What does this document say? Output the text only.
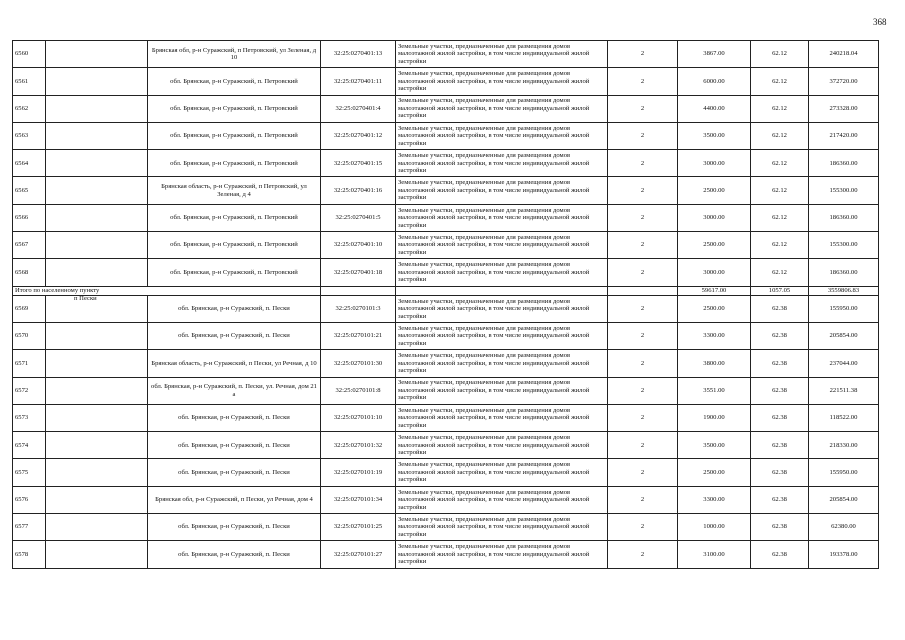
368
6560		Брянская обл, р-н Суражский, п Петровский, ул Зеленая, д 10	32:25:0270401:13	Земельные участки, предназначенные для размещения домов малоэтажной жилой застройки, в том числе индивидуальной жилой застройки	2	3867.00	62.12	240218.04
6561		обл. Брянская, р-н Суражский, п. Петровский	32:25:0270401:11	Земельные участки, предназначенные для размещения домов малоэтажной жилой застройки, в том числе индивидуальной жилой застройки	2	6000.00	62.12	372720.00
6562		обл. Брянская, р-н Суражский, п. Петровский	32:25:0270401:4	Земельные участки, предназначенные для размещения домов малоэтажной жилой застройки, в том числе индивидуальной жилой застройки	2	4400.00	62.12	273328.00
6563		обл. Брянская, р-н Суражский, п. Петровский	32:25:0270401:12	Земельные участки, предназначенные для размещения домов малоэтажной жилой застройки, в том числе индивидуальной жилой застройки	2	3500.00	62.12	217420.00
6564		обл. Брянская, р-н Суражский, п. Петровский	32:25:0270401:15	Земельные участки, предназначенные для размещения домов малоэтажной жилой застройки, в том числе индивидуальной жилой застройки	2	3000.00	62.12	186360.00
6565		Брянская область, р-н Суражский, п Петровский, ул Зеленая, д 4	32:25:0270401:16	Земельные участки, предназначенные для размещения домов малоэтажной жилой застройки, в том числе индивидуальной жилой застройки	2	2500.00	62.12	155300.00
6566		обл. Брянская, р-н Суражский, п. Петровский	32:25:0270401:5	Земельные участки, предназначенные для размещения домов малоэтажной жилой застройки, в том числе индивидуальной жилой застройки	2	3000.00	62.12	186360.00
6567		обл. Брянская, р-н Суражский, п. Петровский	32:25:0270401:10	Земельные участки, предназначенные для размещения домов малоэтажной жилой застройки, в том числе индивидуальной жилой застройки	2	2500.00	62.12	155300.00
6568		обл. Брянская, р-н Суражский, п. Петровский	32:25:0270401:18	Земельные участки, предназначенные для размещения домов малоэтажной жилой застройки, в том числе индивидуальной жилой застройки	2	3000.00	62.12	186360.00
Итого по населенному пункту						59617.00	1057.05	3559806.83
6569	п Пески	обл. Брянская, р-н Суражский, п. Пески	32:25:0270101:3	Земельные участки, предназначенные для размещения домов малоэтажной жилой застройки, в том числе индивидуальной жилой застройки	2	2500.00	62.38	155950.00
6570		обл. Брянская, р-н Суражский, п. Пески	32:25:0270101:21	Земельные участки, предназначенные для размещения домов малоэтажной жилой застройки, в том числе индивидуальной жилой застройки	2	3300.00	62.38	205854.00
6571		Брянская область, р-н Суражский, п Пески, ул Речная, д 10	32:25:0270101:30	Земельные участки, предназначенные для размещения домов малоэтажной жилой застройки, в том числе индивидуальной жилой застройки	2	3800.00	62.38	237044.00
6572		обл. Брянская, р-н Суражский, п. Пески, ул. Речная, дом 21 а	32:25:0270101:8	Земельные участки, предназначенные для размещения домов малоэтажной жилой застройки, в том числе индивидуальной жилой застройки	2	3551.00	62.38	221511.38
6573		обл. Брянская, р-н Суражский, п. Пески	32:25:0270101:10	Земельные участки, предназначенные для размещения домов малоэтажной жилой застройки, в том числе индивидуальной жилой застройки	2	1900.00	62.38	118522.00
6574		обл. Брянская, р-н Суражский, п. Пески	32:25:0270101:32	Земельные участки, предназначенные для размещения домов малоэтажной жилой застройки, в том числе индивидуальной жилой застройки	2	3500.00	62.38	218330.00
6575		обл. Брянская, р-н Суражский, п. Пески	32:25:0270101:19	Земельные участки, предназначенные для размещения домов малоэтажной жилой застройки, в том числе индивидуальной жилой застройки	2	2500.00	62.38	155950.00
6576		Брянская обл, р-н Суражский, п Пески, ул Речная, дом 4	32:25:0270101:34	Земельные участки, предназначенные для размещения домов малоэтажной жилой застройки, в том числе индивидуальной жилой застройки	2	3300.00	62.38	205854.00
6577		обл. Брянская, р-н Суражский, п. Пески	32:25:0270101:25	Земельные участки, предназначенные для размещения домов малоэтажной жилой застройки, в том числе индивидуальной жилой застройки	2	1000.00	62.38	62380.00
6578		обл. Брянская, р-н Суражский, п. Пески	32:25:0270101:27	Земельные участки, предназначенные для размещения домов малоэтажной жилой застройки, в том числе индивидуальной жилой застройки	2	3100.00	62.38	193378.00
